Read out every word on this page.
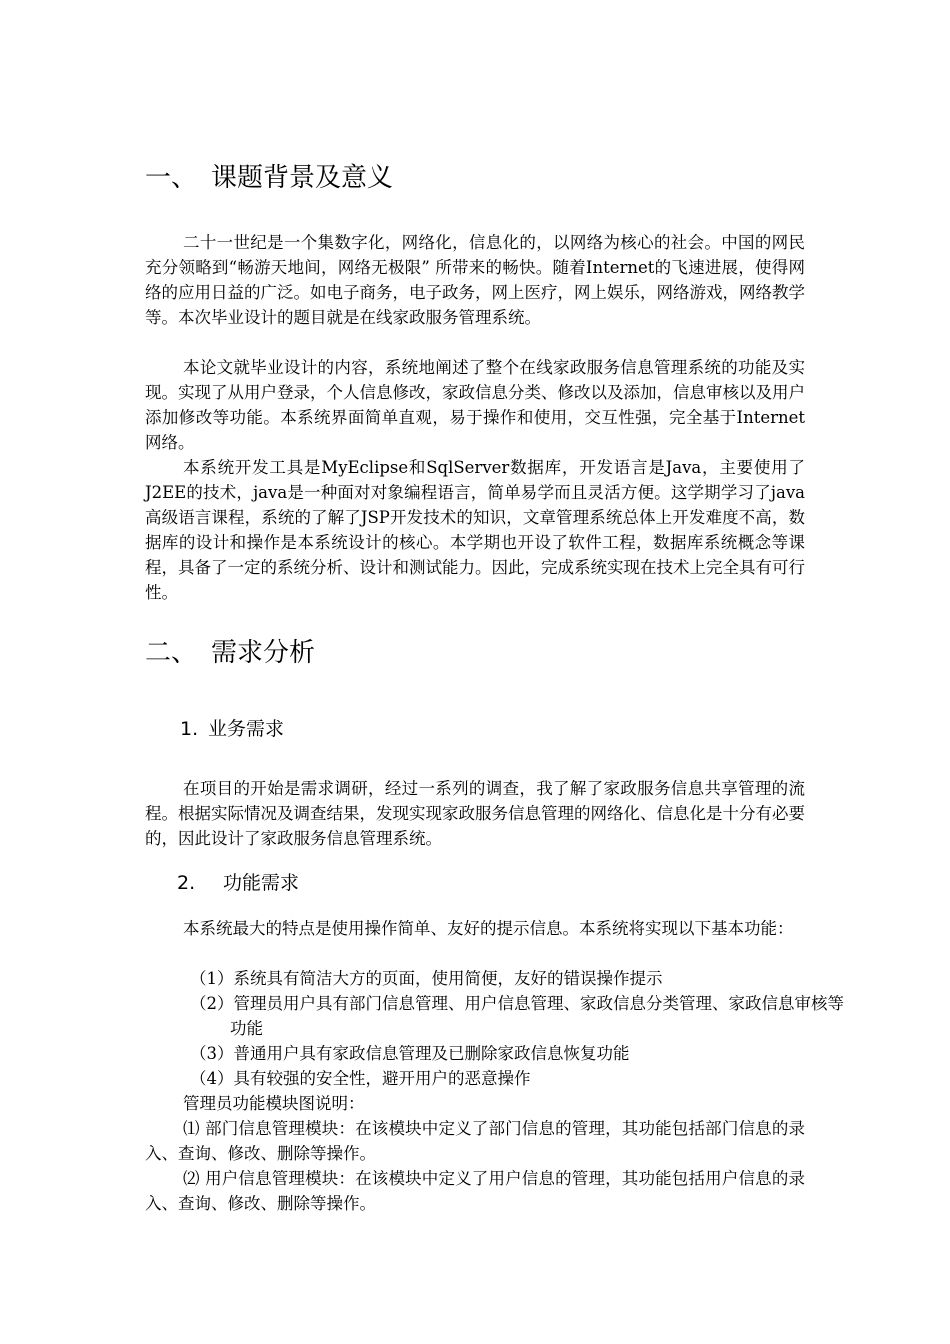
一、 课题背景及意义

二十一世纪是一个集数字化，网络化，信息化的，以网络为核心的社会。中国的网民充分领略到“畅游天地间，网络无极限” 所带来的畅快。随着Internet的飞速进展，使得网络的应用日益的广泛。如电子商务，电子政务，网上医疗，网上娱乐，网络游戏，网络教学等。本次毕业设计的题目就是在线家政服务管理系统。

本论文就毕业设计的内容，系统地阐述了整个在线家政服务信息管理系统的功能及实现。实现了从用户登录，个人信息修改，家政信息分类、修改以及添加，信息审核以及用户添加修改等功能。本系统界面简单直观，易于操作和使用，交互性强，完全基于Internet网络。

本系统开发工具是MyEclipse和SqlServer数据库，开发语言是Java，主要使用了J2EE的技术，java是一种面对对象编程语言，简单易学而且灵活方便。这学期学习了java高级语言课程，系统的了解了JSP开发技术的知识，文章管理系统总体上开发难度不高，数据库的设计和操作是本系统设计的核心。本学期也开设了软件工程，数据库系统概念等课程，具备了一定的系统分析、设计和测试能力。因此，完成系统实现在技术上完全具有可行性。

二、 需求分析
1. 业务需求

在项目的开始是需求调研，经过一系列的调查，我了解了家政服务信息共享管理的流程。根据实际情况及调查结果，发现实现家政服务信息管理的网络化、信息化是十分有必要的，因此设计了家政服务信息管理系统。

2. 功能需求

本系统最大的特点是使用操作简单、友好的提示信息。本系统将实现以下基本功能：

（1）系统具有简洁大方的页面，使用简便，友好的错误操作提示

（2）管理员用户具有部门信息管理、用户信息管理、家政信息分类管理、家政信息审核等功能

（3）普通用户具有家政信息管理及已删除家政信息恢复功能

（4）具有较强的安全性，避开用户的恶意操作

管理员功能模块图说明：

⑴ 部门信息管理模块：在该模块中定义了部门信息的管理，其功能包括部门信息的录入、查询、修改、删除等操作。

⑵ 用户信息管理模块：在该模块中定义了用户信息的管理，其功能包括用户信息的录入、查询、修改、删除等操作。
